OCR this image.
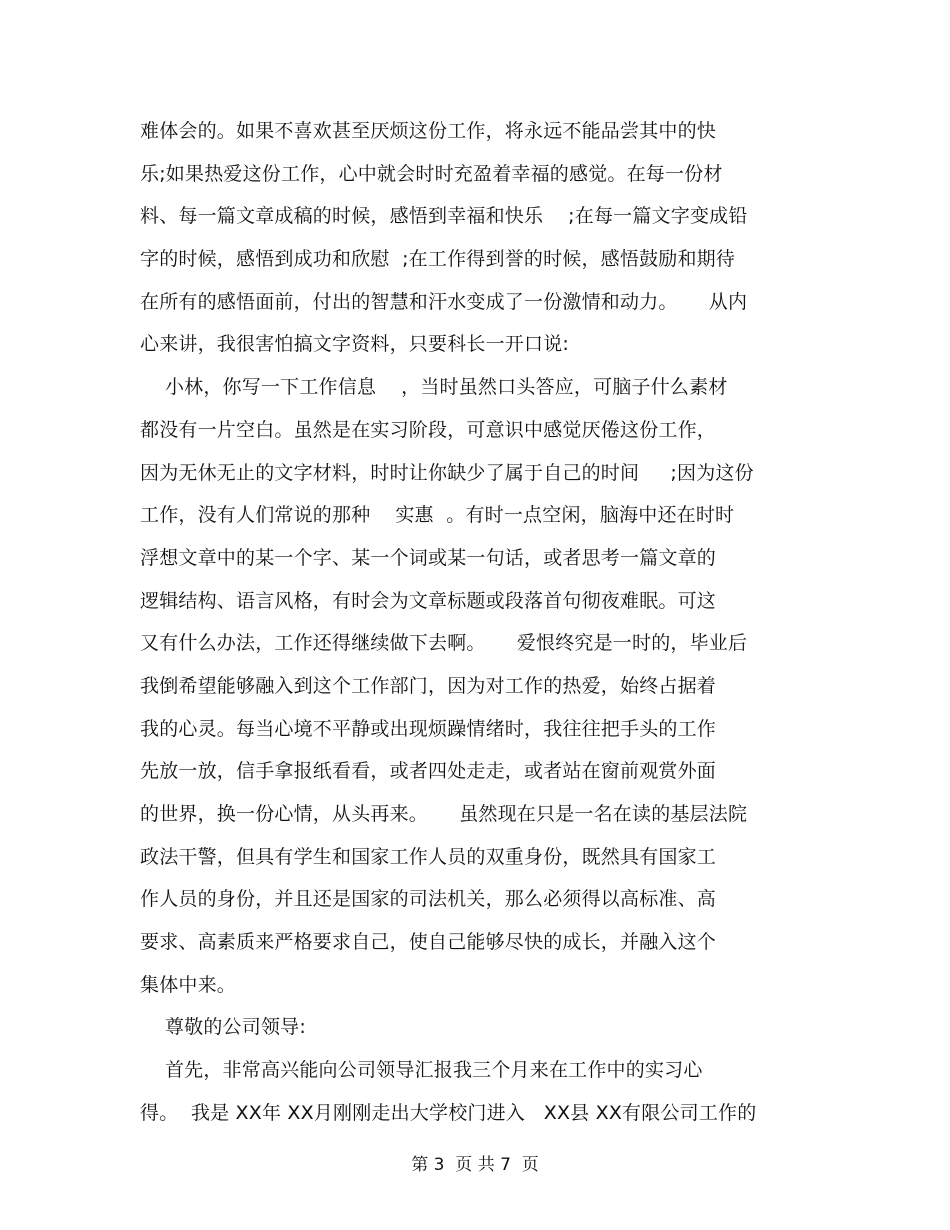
难体会的。如果不喜欢甚至厌烦这份工作，将永远不能品尝其中的快
乐;如果热爱这份工作，心中就会时时充盈着幸福的感觉。在每一份材
料、每一篇文章成稿的时候，感悟到幸福和快乐    ;在每一篇文字变成铅
字的时候，感悟到成功和欣慰  ;在工作得到誉的时候，感悟鼓励和期待
在所有的感悟面前，付出的智慧和汗水变成了一份激情和动力。     从内
心来讲，我很害怕搞文字资料，只要科长一开口说:
小林，你写一下工作信息    ，当时虽然口头答应，可脑子什么素材
都没有一片空白。虽然是在实习阶段，可意识中感觉厌倦这份工作，
因为无休无止的文字材料，时时让你缺少了属于自己的时间     ;因为这份
工作，没有人们常说的那种    实惠  。有时一点空闲，脑海中还在时时
浮想文章中的某一个字、某一个词或某一句话，或者思考一篇文章的
逻辑结构、语言风格，有时会为文章标题或段落首句彻夜难眠。可这
又有什么办法，工作还得继续做下去啊。     爱恨终究是一时的，毕业后
我倒希望能够融入到这个工作部门，因为对工作的热爱，始终占据着
我的心灵。每当心境不平静或出现烦躁情绪时，我往往把手头的工作
先放一放，信手拿报纸看看，或者四处走走，或者站在窗前观赏外面
的世界，换一份心情，从头再来。     虽然现在只是一名在读的基层法院
政法干警，但具有学生和国家工作人员的双重身份，既然具有国家工
作人员的身份，并且还是国家的司法机关，那么必须得以高标准、高
要求、高素质来严格要求自己，使自己能够尽快的成长，并融入这个
集体中来。
尊敬的公司领导:
首先，非常高兴能向公司领导汇报我三个月来在工作中的实习心
得。  我是 XX年 XX月刚刚走出大学校门进入   XX县 XX有限公司工作的
第 3  页 共 7  页
